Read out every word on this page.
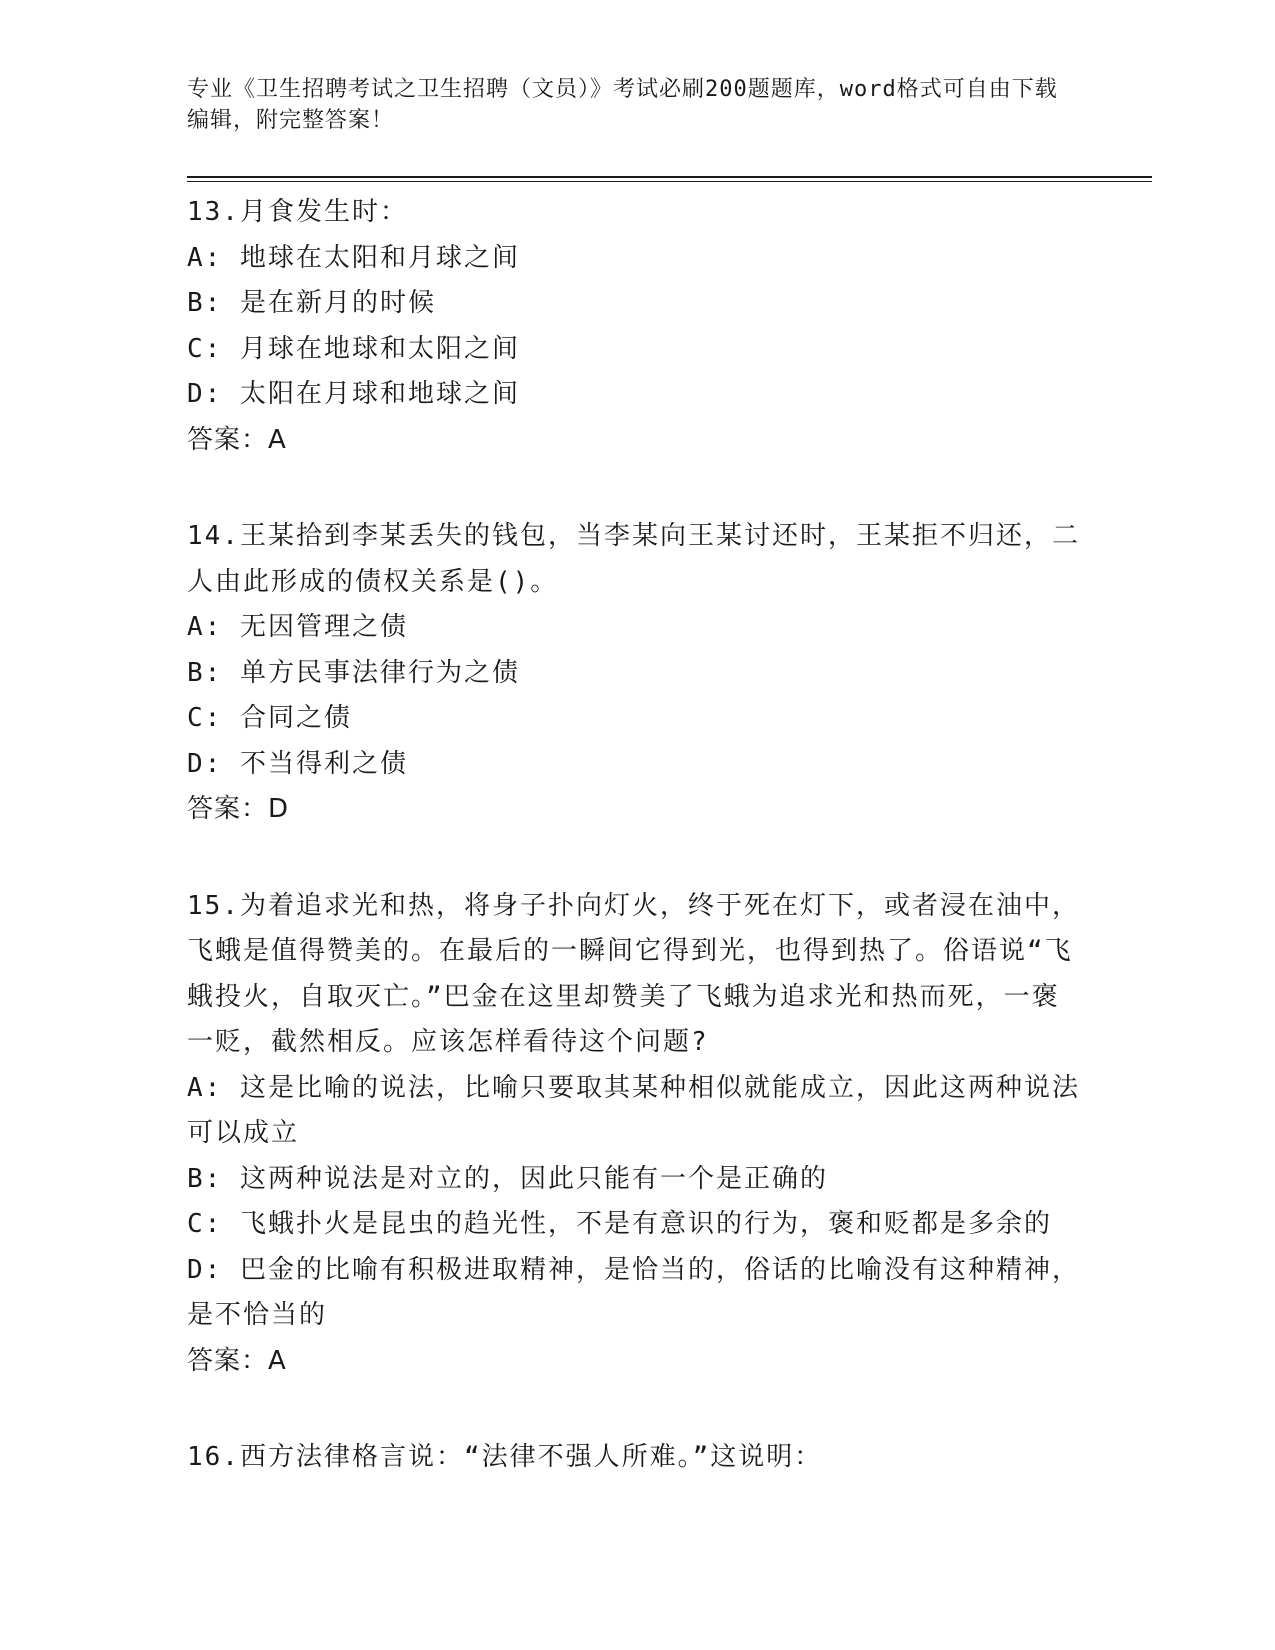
专业《卫生招聘考试之卫生招聘（文员）》考试必刷200题题库，word格式可自由下载编辑，附完整答案！

13.月食发生时：

A: 地球在太阳和月球之间

B: 是在新月的时候

C: 月球在地球和太阳之间

D: 太阳在月球和地球之间

答案：A

14.王某拾到李某丢失的钱包，当李某向王某讨还时，王某拒不归还，二人由此形成的债权关系是()。

A: 无因管理之债

B: 单方民事法律行为之债

C: 合同之债

D: 不当得利之债

答案：D

15.为着追求光和热，将身子扑向灯火，终于死在灯下，或者浸在油中，飞蛾是值得赞美的。在最后的一瞬间它得到光，也得到热了。俗语说“飞蛾投火，自取灭亡。”巴金在这里却赞美了飞蛾为追求光和热而死，一褒一贬，截然相反。应该怎样看待这个问题?

A: 这是比喻的说法，比喻只要取其某种相似就能成立，因此这两种说法可以成立

B: 这两种说法是对立的，因此只能有一个是正确的

C: 飞蛾扑火是昆虫的趋光性，不是有意识的行为，褒和贬都是多余的

D: 巴金的比喻有积极进取精神，是恰当的，俗话的比喻没有这种精神，是不恰当的

答案：A

16.西方法律格言说：“法律不强人所难。”这说明：
